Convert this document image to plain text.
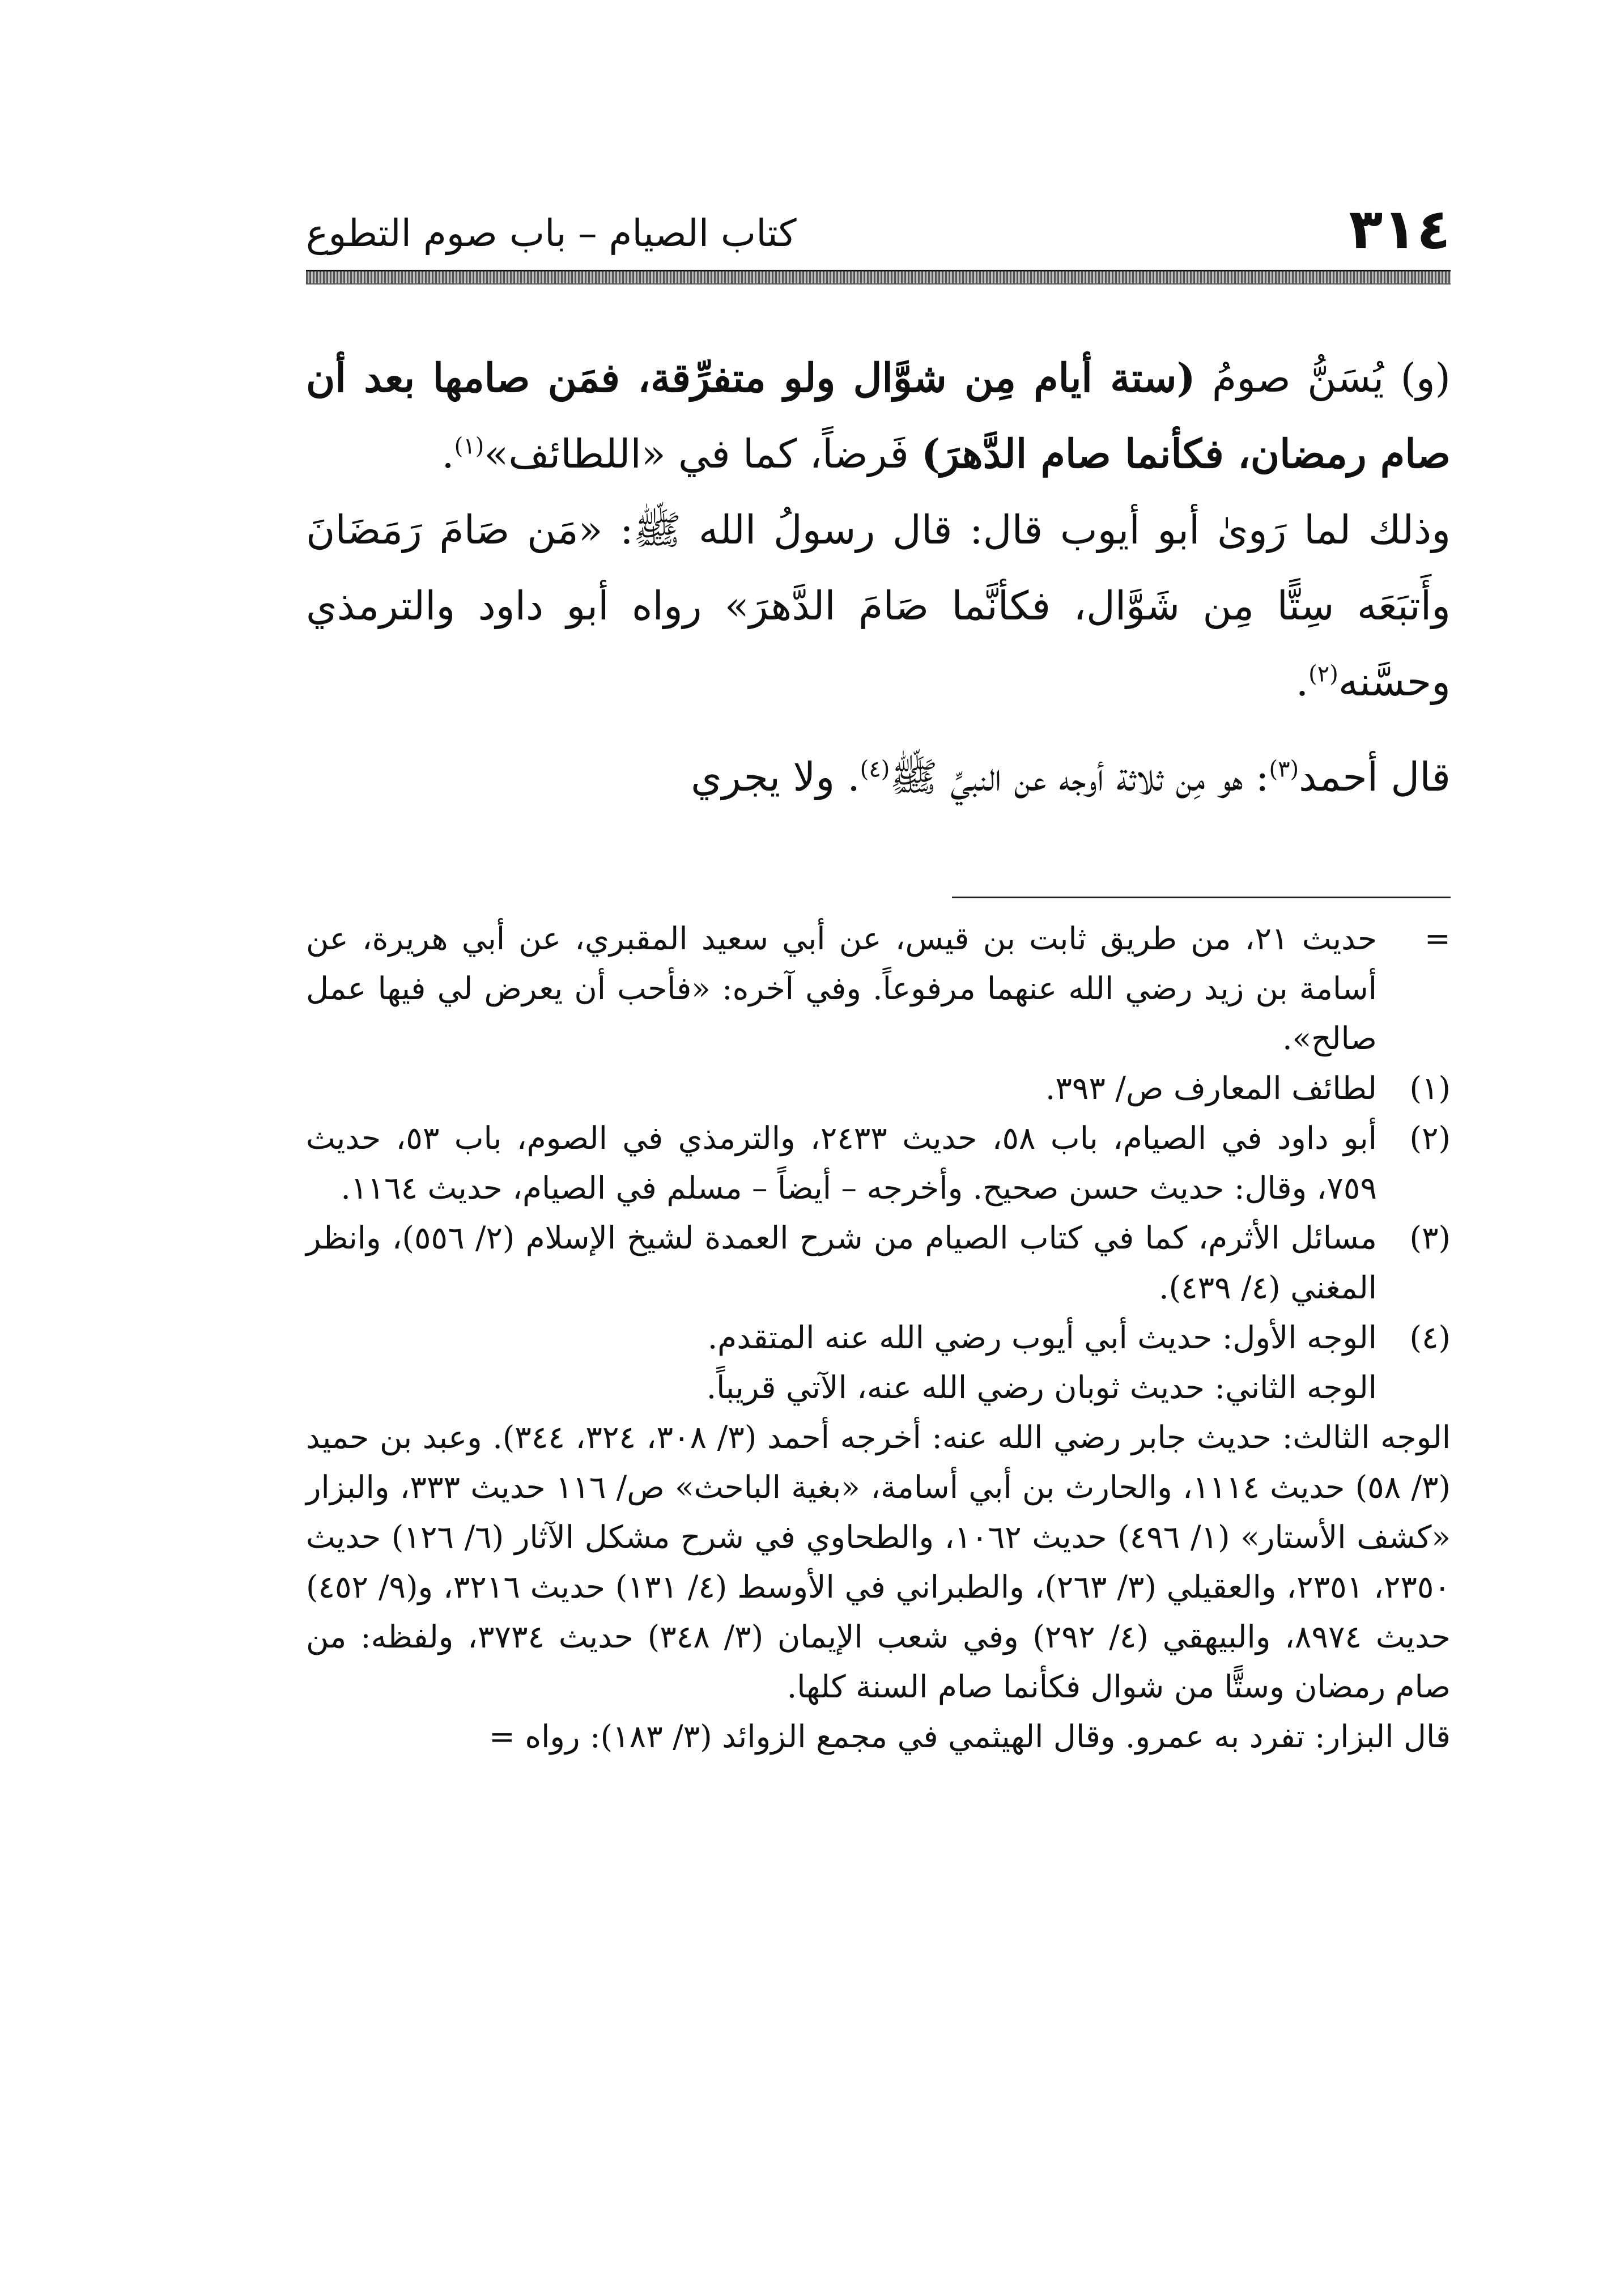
٣١٤
كتاب الصيام – باب صوم التطوع

(و) يُسَنُّ صومُ (ستة أيام مِن شوَّال ولو متفرِّقة، فمَن صامها بعد أن صام رمضان، فكأنما صام الدَّهرَ) فَرضاً، كما في «اللطائف»$^{(١)}$.

وذلك لما رَوىٰ أبو أيوب قال: قال رسولُ الله ﷺ: «مَن صَامَ رَمَضَانَ وأَتبَعَه سِتًّا مِن شَوَّال، فكأنَّما صَامَ الدَّهرَ» رواه أبو داود والترمذي وحسَّنه$^{(٢)}$.

قال أحمد$^{(٣)}$: هو مِن ثلاثة أوجه عن النبيِّ ﷺ$^{(٤)}$. ولا يجري

=
حديث ٢١، من طريق ثابت بن قيس، عن أبي سعيد المقبري، عن أبي هريرة، عن أسامة بن زيد رضي الله عنهما مرفوعاً. وفي آخره: «فأحب أن يعرض لي فيها عمل صالح».
(١)
لطائف المعارف ص/ ٣٩٣.
(٢)
أبو داود في الصيام، باب ٥٨، حديث ٢٤٣٣، والترمذي في الصوم، باب ٥٣، حديث ٧٥٩، وقال: حديث حسن صحيح. وأخرجه – أيضاً – مسلم في الصيام، حديث ١١٦٤.
(٣)
مسائل الأثرم، كما في كتاب الصيام من شرح العمدة لشيخ الإسلام (٢/ ٥٥٦)، وانظر المغني (٤/ ٤٣٩).
(٤)
الوجه الأول: حديث أبي أيوب رضي الله عنه المتقدم.

الوجه الثاني: حديث ثوبان رضي الله عنه، الآتي قريباً.

الوجه الثالث: حديث جابر رضي الله عنه: أخرجه أحمد (٣/ ٣٠٨، ٣٢٤، ٣٤٤). وعبد بن حميد (٣/ ٥٨) حديث ١١١٤، والحارث بن أبي أسامة، «بغية الباحث» ص/ ١١٦ حديث ٣٣٣، والبزار «كشف الأستار» (١/ ٤٩٦) حديث ١٠٦٢، والطحاوي في شرح مشكل الآثار (٦/ ١٢٦) حديث ٢٣٥٠، ٢٣٥١، والعقيلي (٣/ ٢٦٣)، والطبراني في الأوسط (٤/ ١٣١) حديث ٣٢١٦، و(٩/ ٤٥٢) حديث ٨٩٧٤، والبيهقي (٤/ ٢٩٢) وفي شعب الإيمان (٣/ ٣٤٨) حديث ٣٧٣٤، ولفظه: من صام رمضان وستًّا من شوال فكأنما صام السنة كلها.

قال البزار: تفرد به عمرو. وقال الهيثمي في مجمع الزوائد (٣/ ١٨٣): رواه =
